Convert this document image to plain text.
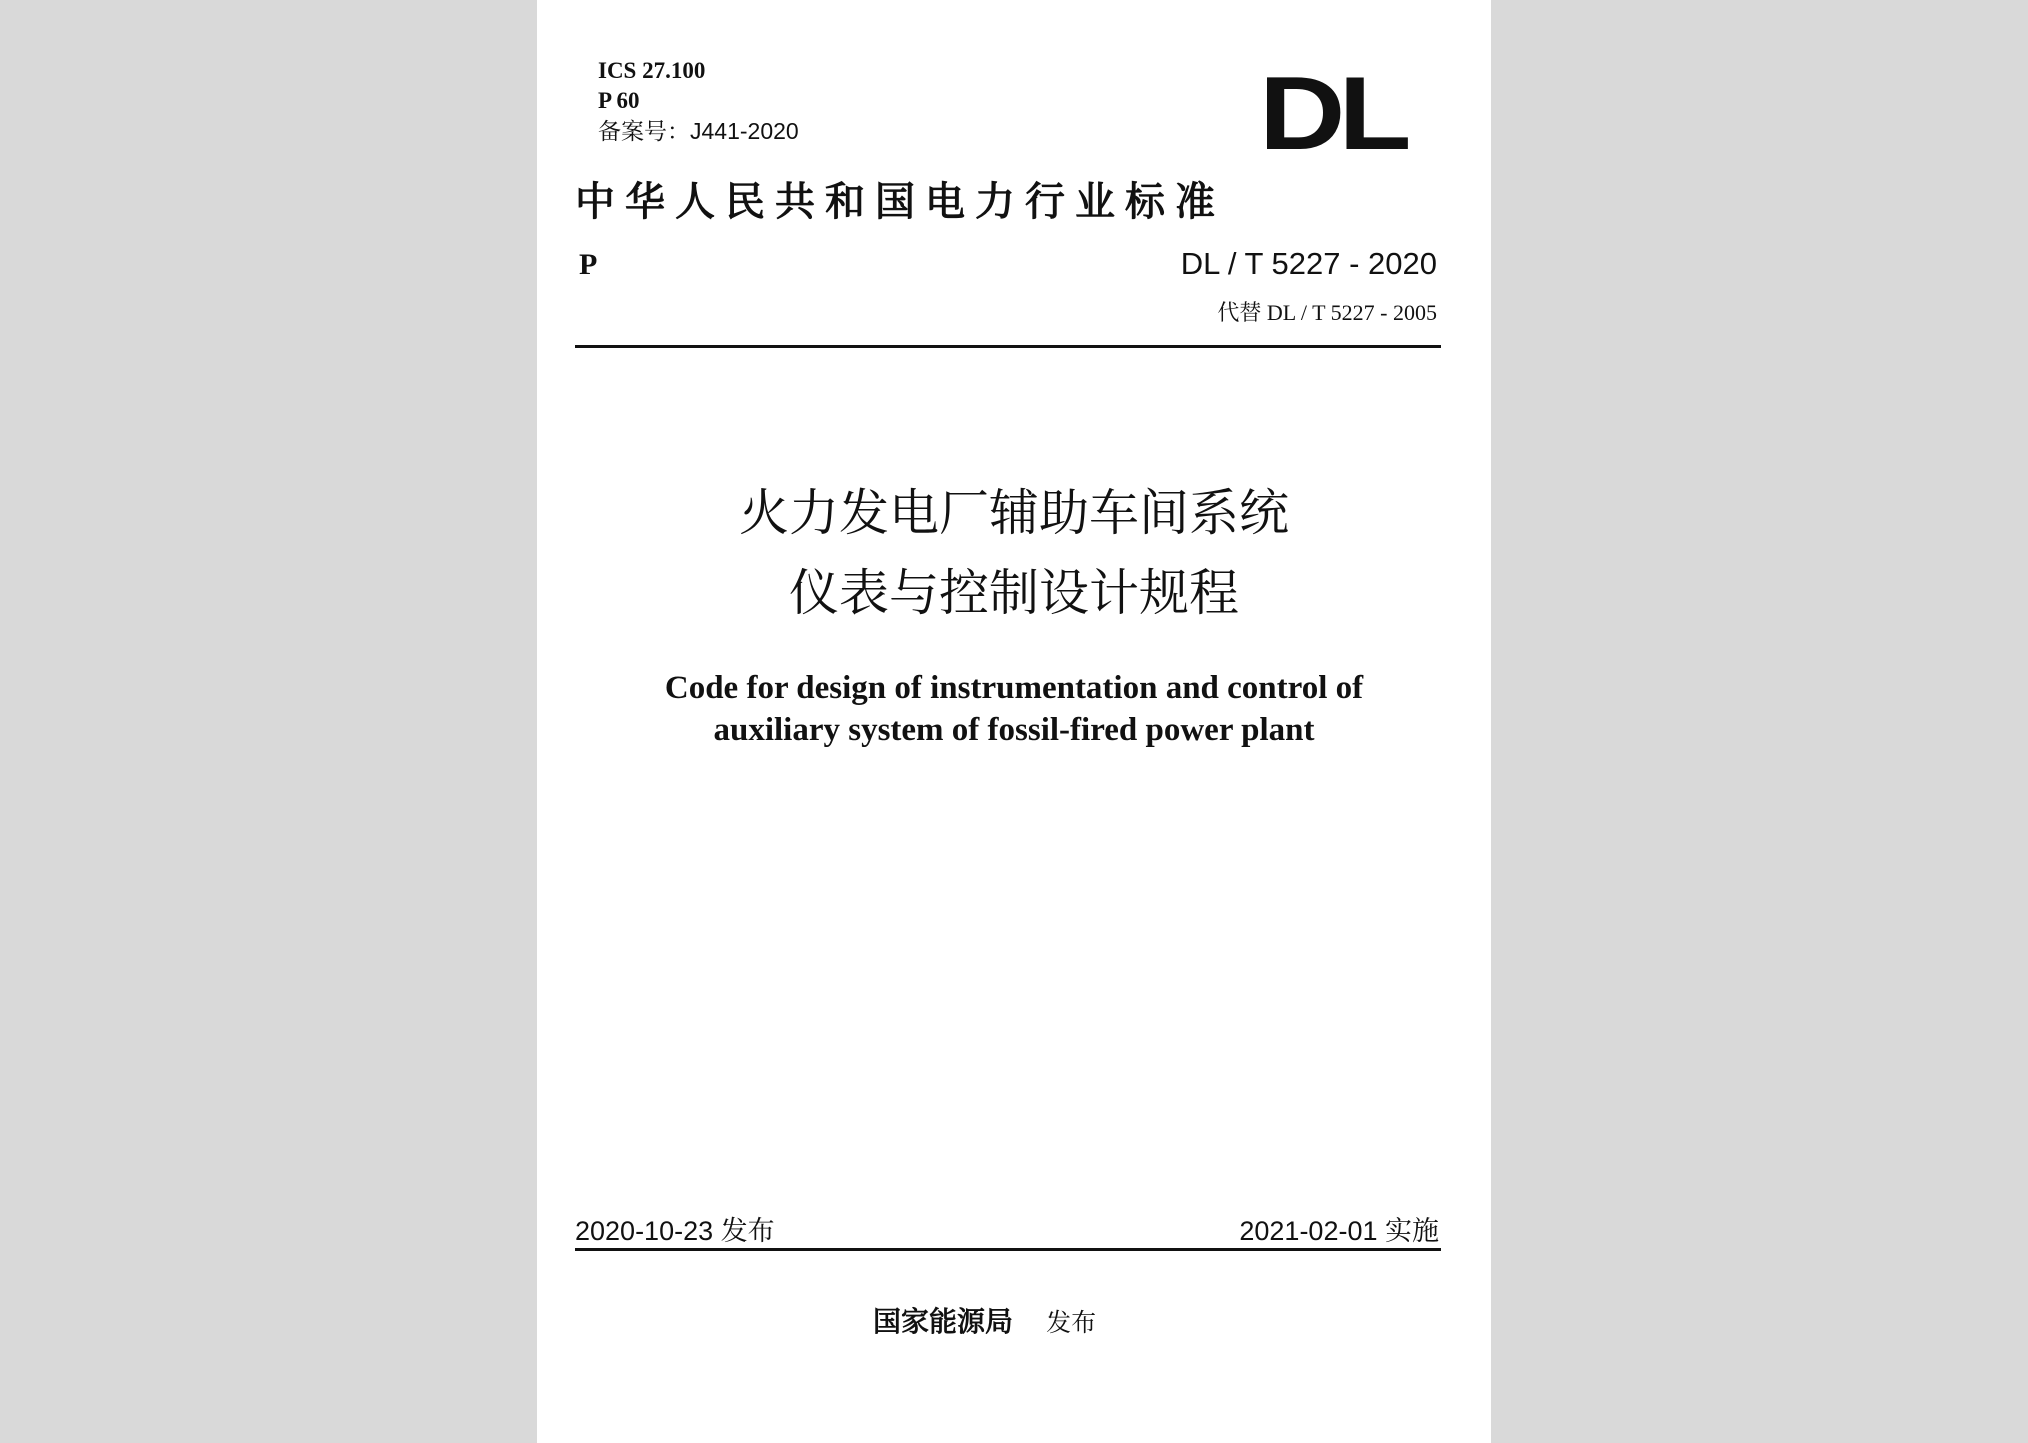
ICS 27.100
P 60
备案号：J441-2020	DL
中华人民共和国电力行业标准
P	DL / T 5227 - 2020
代替 DL / T 5227 - 2005
火力发电厂辅助车间系统
仪表与控制设计规程
Code for design of instrumentation and control of
auxiliary system of fossil-fired power plant
2020-10-23 发布	2021-02-01 实施
国家能源局 发布
